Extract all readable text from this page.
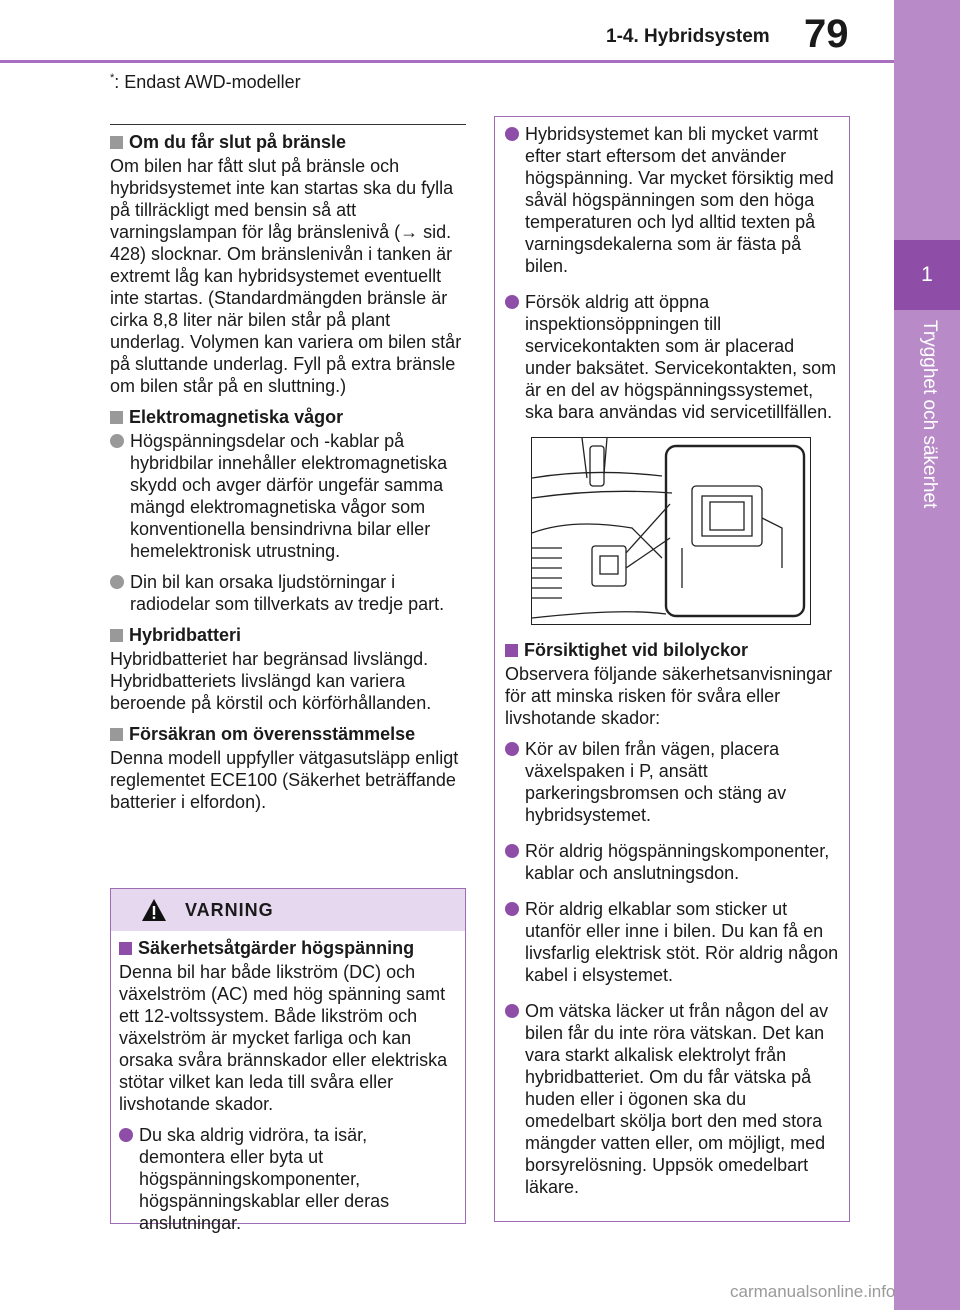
1-4. Hybridsystem 79
1
Trygghet och säkerhet
*: Endast AWD-modeller
Om du får slut på bränsle

Om bilen har fått slut på bränsle och hybridsystemet inte kan startas ska du fylla på tillräckligt med bensin så att varningslampan för låg bränslenivå (→ sid. 428) slocknar. Om bränslenivån i tanken är extremt låg kan hybridsystemet eventuellt inte startas. (Standardmängden bränsle är cirka 8,8 liter när bilen står på plant underlag. Volymen kan variera om bilen står på sluttande underlag. Fyll på extra bränsle om bilen står på en sluttning.)

Elektromagnetiska vågor
Högspänningsdelar och -kablar på hybridbilar innehåller elektromagnetiska skydd och avger därför ungefär samma mängd elektromagnetiska vågor som konventionella bensindrivna bilar eller hemelektronisk utrustning.
Din bil kan orsaka ljudstörningar i radiodelar som tillverkats av tredje part.
Hybridbatteri

Hybridbatteriet har begränsad livslängd. Hybridbatteriets livslängd kan variera beroende på körstil och körförhållanden.

Försäkran om överensstämmelse

Denna modell uppfyller vätgasutsläpp enligt reglementet ECE100 (Säkerhet beträffande batterier i elfordon).

VARNING
Säkerhetsåtgärder högspänning

Denna bil har både likström (DC) och växelström (AC) med hög spänning samt ett 12-voltssystem. Både likström och växelström är mycket farliga och kan orsaka svåra brännskador eller elektriska stötar vilket kan leda till svåra eller livshotande skador.

Du ska aldrig vidröra, ta isär, demontera eller byta ut högspänningskomponenter, högspänningskablar eller deras anslutningar.
Hybridsystemet kan bli mycket varmt efter start eftersom det använder högspänning. Var mycket försiktig med såväl högspänningen som den höga temperaturen och lyd alltid texten på varningsdekalerna som är fästa på bilen.
Försök aldrig att öppna inspektionsöppningen till servicekontakten som är placerad under baksätet. Servicekontakten, som är en del av högspänningssystemet, ska bara användas vid servicetillfällen.
Försiktighet vid bilolyckor

Observera följande säkerhetsanvisningar för att minska risken för svåra eller livshotande skador:

Kör av bilen från vägen, placera växelspaken i P, ansätt parkeringsbromsen och stäng av hybridsystemet.
Rör aldrig högspänningskomponenter, kablar och anslutningsdon.
Rör aldrig elkablar som sticker ut utanför eller inne i bilen. Du kan få en livsfarlig elektrisk stöt. Rör aldrig någon kabel i elsystemet.
Om vätska läcker ut från någon del av bilen får du inte röra vätskan. Det kan vara starkt alkalisk elektrolyt från hybridbatteriet. Om du får vätska på huden eller i ögonen ska du omedelbart skölja bort den med stora mängder vatten eller, om möjligt, med borsyrelösning. Uppsök omedelbart läkare.
carmanualsonline.info
